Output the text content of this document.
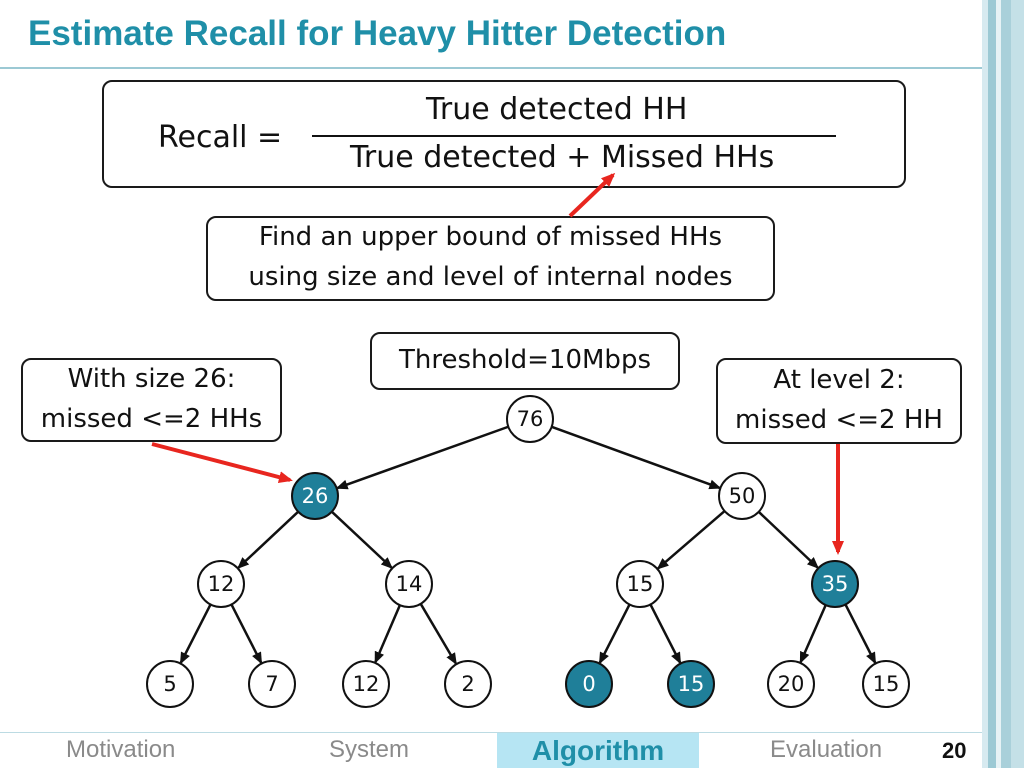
Estimate Recall for Heavy Hitter Detection
Recall =
True detected HH
True detected + Missed HHs
Find an upper bound of missed HHs
using size and level of internal nodes
Threshold=10Mbps
With size 26:
missed <=2 HHs
At level 2:
missed <=2 HH
76
26	50
12	14	15	35
5	7	12	2	0	15	20	15
Motivation	System	Algorithm	Evaluation	20
